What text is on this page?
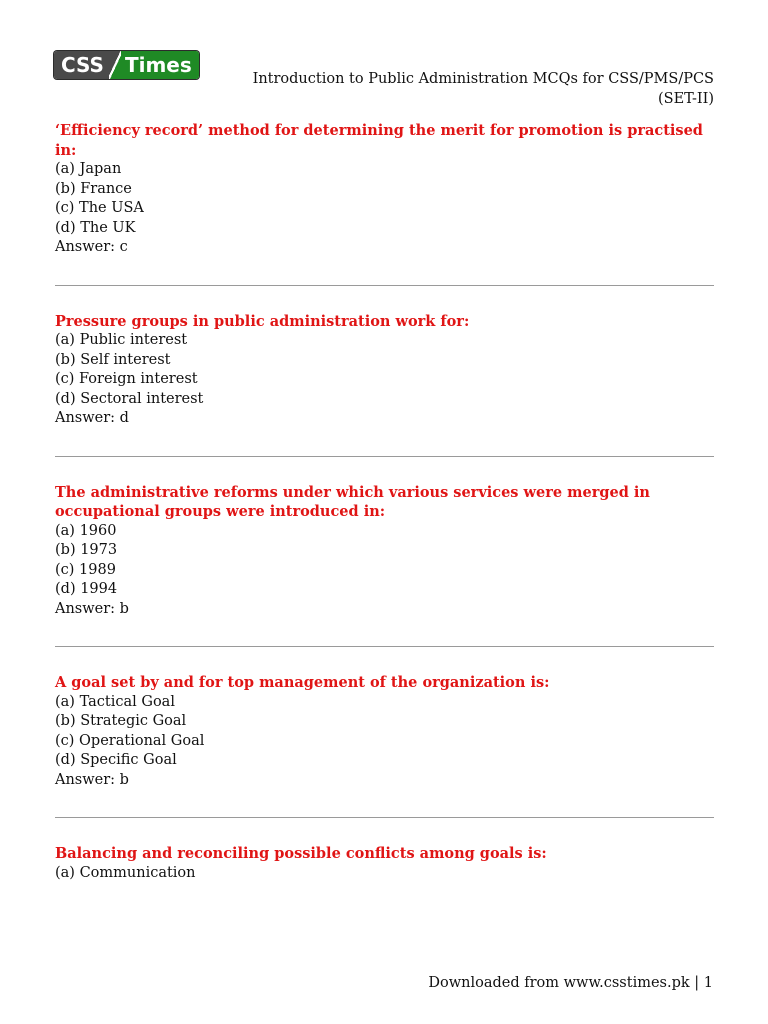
CSS Times
Introduction to Public Administration MCQs for CSS/PMS/PCS (SET-II)
‘Efficiency record’ method for determining the merit for promotion is practised in:
(a) Japan
(b) France
(c) The USA
(d) The UK
Answer: c
Pressure groups in public administration work for:
(a) Public interest
(b) Self interest
(c) Foreign interest
(d) Sectoral interest
Answer: d
The administrative reforms under which various services were merged in occupational groups were introduced in:
(a) 1960
(b) 1973
(c) 1989
(d) 1994
Answer: b
A goal set by and for top management of the organization is:
(a) Tactical Goal
(b) Strategic Goal
(c) Operational Goal
(d) Specific Goal
Answer: b
Balancing and reconciling possible conflicts among goals is:
(a) Communication
Downloaded from www.csstimes.pk | 1
